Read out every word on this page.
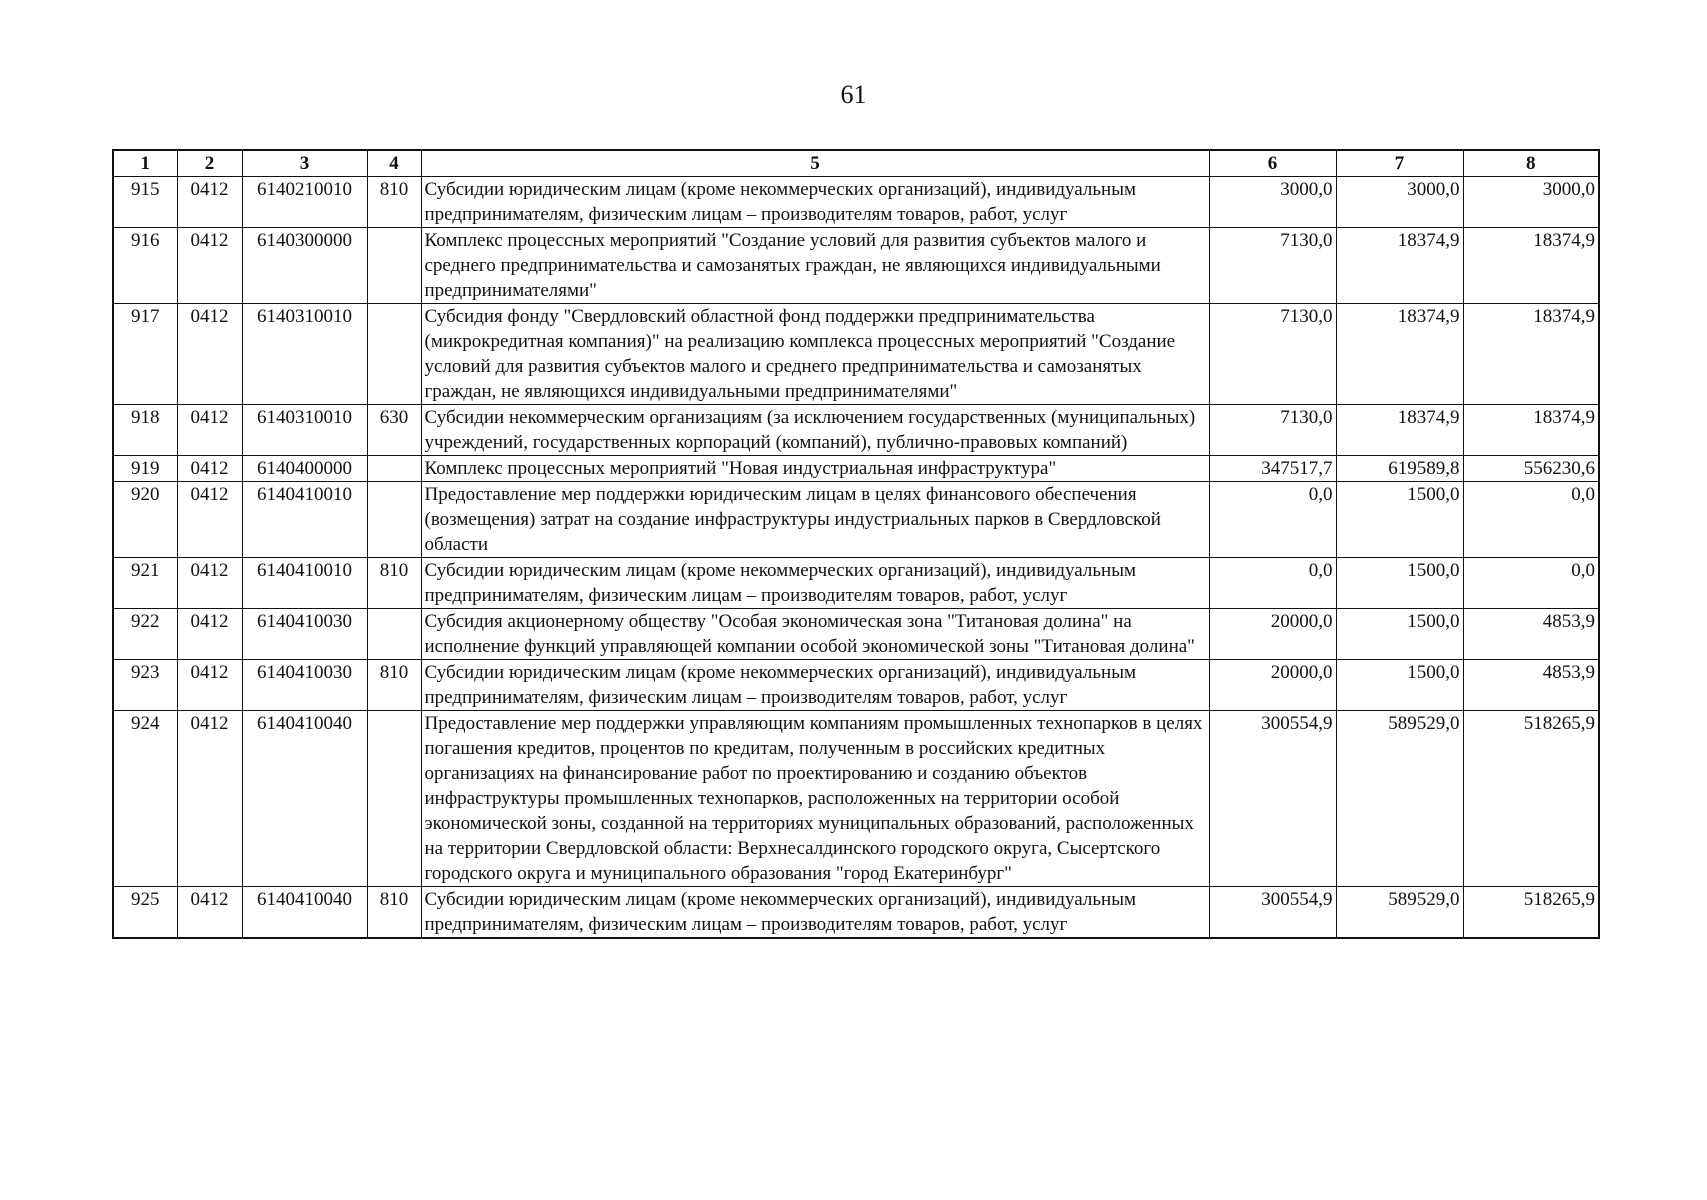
61
1	2	3	4	5	6	7	8
915	0412	6140210010	810	Субсидии юридическим лицам (кроме некоммерческих организаций), индивидуальным предпринимателям, физическим лицам – производителям товаров, работ, услуг	3000,0	3000,0	3000,0
916	0412	6140300000		Комплекс процессных мероприятий "Создание условий для развития субъектов малого и среднего предпринимательства и самозанятых граждан, не являющихся индивидуальными предпринимателями"	7130,0	18374,9	18374,9
917	0412	6140310010		Субсидия фонду "Свердловский областной фонд поддержки предпринимательства (микрокредитная компания)" на реализацию комплекса процессных мероприятий "Создание условий для развития субъектов малого и среднего предпринимательства и самозанятых граждан, не являющихся индивидуальными предпринимателями"	7130,0	18374,9	18374,9
918	0412	6140310010	630	Субсидии некоммерческим организациям (за исключением государственных (муниципальных) учреждений, государственных корпораций (компаний), публично-правовых компаний)	7130,0	18374,9	18374,9
919	0412	6140400000		Комплекс процессных мероприятий "Новая индустриальная инфраструктура"	347517,7	619589,8	556230,6
920	0412	6140410010		Предоставление мер поддержки юридическим лицам в целях финансового обеспечения (возмещения) затрат на создание инфраструктуры индустриальных парков в Свердловской области	0,0	1500,0	0,0
921	0412	6140410010	810	Субсидии юридическим лицам (кроме некоммерческих организаций), индивидуальным предпринимателям, физическим лицам – производителям товаров, работ, услуг	0,0	1500,0	0,0
922	0412	6140410030		Субсидия акционерному обществу "Особая экономическая зона "Титановая долина" на исполнение функций управляющей компании особой экономической зоны "Титановая долина"	20000,0	1500,0	4853,9
923	0412	6140410030	810	Субсидии юридическим лицам (кроме некоммерческих организаций), индивидуальным предпринимателям, физическим лицам – производителям товаров, работ, услуг	20000,0	1500,0	4853,9
924	0412	6140410040		Предоставление мер поддержки управляющим компаниям промышленных технопарков в целях погашения кредитов, процентов по кредитам, полученным в российских кредитных организациях на финансирование работ по проектированию и созданию объектов инфраструктуры промышленных технопарков, расположенных на территории особой экономической зоны, созданной на территориях муниципальных образований, расположенных на территории Свердловской области: Верхнесалдинского городского округа, Сысертского городского округа и муниципального образования "город Екатеринбург"	300554,9	589529,0	518265,9
925	0412	6140410040	810	Субсидии юридическим лицам (кроме некоммерческих организаций), индивидуальным предпринимателям, физическим лицам – производителям товаров, работ, услуг	300554,9	589529,0	518265,9
